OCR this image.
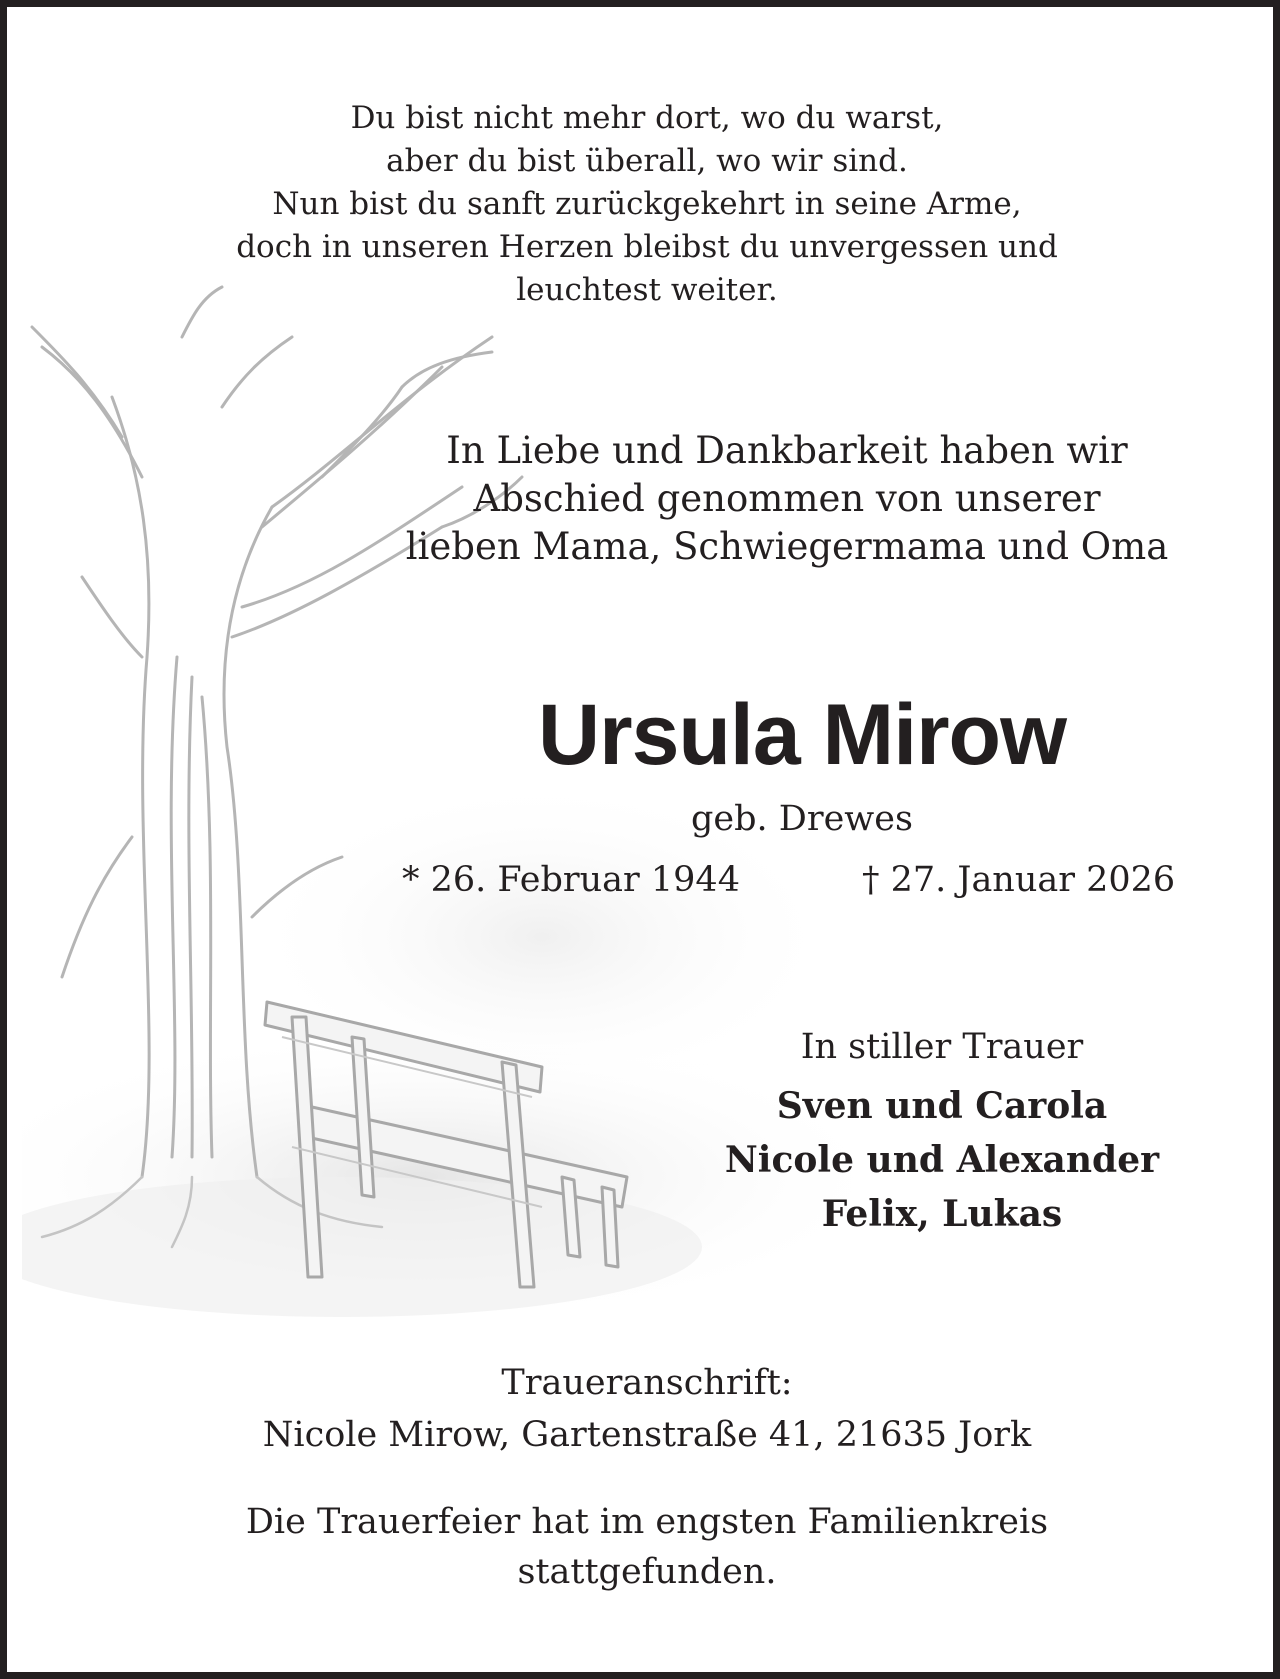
Du bist nicht mehr dort, wo du warst,
aber du bist überall, wo wir sind.
Nun bist du sanft zurückgekehrt in seine Arme,
doch in unseren Herzen bleibst du unvergessen und
leuchtest weiter.
In Liebe und Dankbarkeit haben wir
Abschied genommen von unserer
lieben Mama, Schwiegermama und Oma
Ursula Mirow
geb. Drewes
* 26. Februar 1944	† 27. Januar 2026
In stiller Trauer
Sven und Carola
Nicole und Alexander
Felix, Lukas
Traueranschrift:
Nicole Mirow, Gartenstraße 41, 21635 Jork
Die Trauerfeier hat im engsten Familienkreis
stattgefunden.
